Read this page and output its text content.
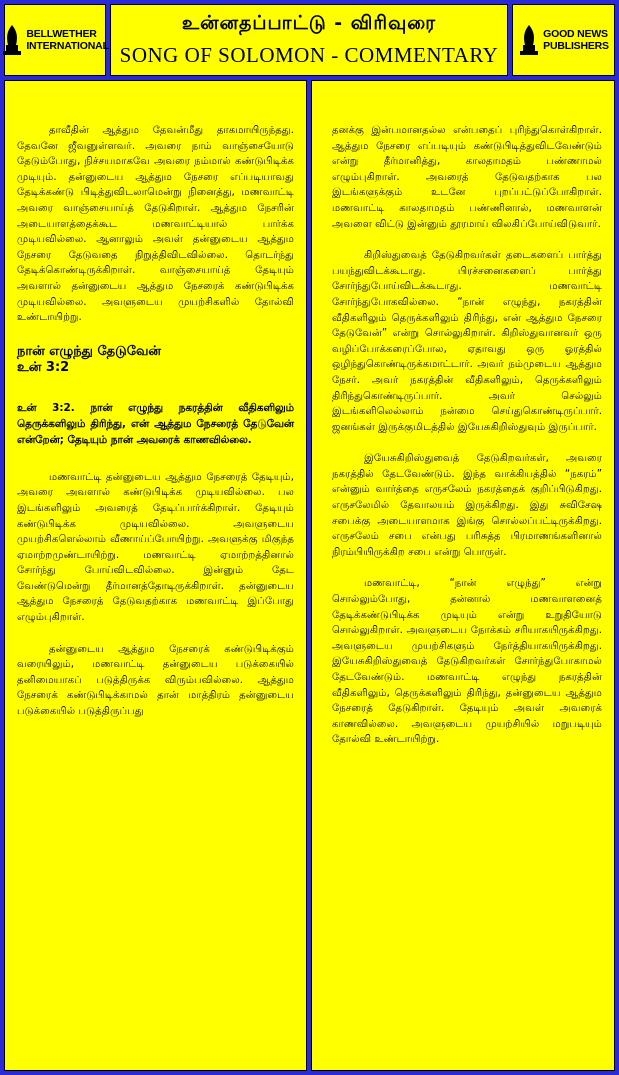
BELLWETHER
INTERNATIONAL
உன்னதப்பாட்டு - விரிவுரை
SONG OF SOLOMON - COMMENTARY
GOOD NEWS
PUBLISHERS

தாவீதின் ஆத்தும தேவன்மீது தாகமாயிருந்தது. தேவனே ஜீவனுள்ளவர். அவரை நாம் வாஞ்சையோடு தேடும்போது, நிச்சயமாகவே அவரை நம்மால் கண்டுபிடிக்க முடியும். தன்னுடைய ஆத்தும நேசரை எப்படியாவது தேடிக்கண்டு பிடித்துவிடலாமென்று நினைத்து, மணவாட்டி அவரை வாஞ்சையாய்த் தேடுகிறாள். ஆத்தும நேசரின் அடையாளத்தைக்கூட மணவாட்டியால் பார்க்க முடியவில்லை. ஆனாலும் அவள் தன்னுடைய ஆத்தும நேசரை தேடுவதை நிறுத்திவிடவில்லை. தொடர்ந்து தேடிக்கொண்டிருக்கிறாள். வாஞ்சையாய்த் தேடியும் அவளால் தன்னுடைய ஆத்தும நேசரைக் கண்டுபிடிக்க முடியவில்லை. அவளுடைய முயற்சிகளில் தோல்வி உண்டாயிற்று.

நான் எழுந்து தேடுவேன்
உன் 3:2

உன் 3:2. நான் எழுந்து நகரத்தின் வீதிகளிலும் தெருக்களிலும் திரிந்து, என் ஆத்தும நேசரைத் தேடுவேன் என்றேன்; தேடியும் நான் அவரைக் காணவில்லை.

மணவாட்டி தன்னுடைய ஆத்தும நேசரைத் தேடியும், அவரை அவளால் கண்டுபிடிக்க முடியவில்லை. பல இடங்களிலும் அவரைத் தேடிப்பார்க்கிறாள். தேடியும் கண்டுபிடிக்க முடியவில்லை. அவளுடைய முயற்சிகளெல்லாம் வீணாய்ப்போயிற்று. அவளுக்கு மிகுந்த ஏமாற்றமுண்டாயிற்று. மணவாட்டி ஏமாற்றத்தினால் சோர்ந்து போய்விடவில்லை. இன்னும் தேட வேண்டுமென்று தீர்மானத்தோடிருக்கிறாள். தன்னுடைய ஆத்தும நேசரைத் தேடுவதற்காக மணவாட்டி இப்போது எழும்புகிறாள்.

தன்னுடைய ஆத்தும நேசரைக் கண்டுபிடிக்கும் வரையிலும், மணவாட்டி தன்னுடைய படுக்கையில் தனிமையாகப் படுத்திருக்க விரும்பவில்லை. ஆத்தும நேசரைக் கண்டுபிடிக்காமல் தான் மாத்திரம் தன்னுடைய படுக்கையில் படுத்திருப்பது

தனக்கு இன்பமானதல்ல என்பதைப் புரிந்துகொள்கிறாள். ஆத்தும நேசரை எப்படியும் கண்டுபிடித்துவிடவேண்டும் என்று தீர்மானித்து, காலதாமதம் பண்ணாமல் எழும்புகிறாள். அவரைத் தேடுவதற்காக பல இடங்களுக்கும் உடனே புறப்பட்டுப்போகிறாள். மணவாட்டி காலதாமதம் பண்ணினால், மணவாளன் அவளை விட்டு இன்னும் தூரமாய் விலகிப்போய்விடுவார்.

கிறிஸ்துவைத் தேடுகிறவர்கள் தடைகளைப் பார்த்து பயந்துவிடக்கூடாது. பிரச்சனைகளைப் பார்த்து சோர்ந்துபோய்விடக்கூடாது. மணவாட்டி சோர்ந்துபோகவில்லை. “நான் எழுந்து, நகரத்தின் வீதிகளிலும் தெருக்களிலும் திரிந்து, என் ஆத்தும நேசரை தேடுவேன்” என்று சொல்லுகிறாள். கிறிஸ்துவானவர் ஒரு வழிப்போக்கரைப்போல, ஏதாவது ஒரு ஓரத்தில் ஒழிந்துகொண்டிருக்கமாட்டார். அவர் நம்முடைய ஆத்தும நேசர். அவர் நகரத்தின் வீதிகளிலும், தெருக்களிலும் திரிந்துகொண்டிருப்பார். அவர் செல்லும் இடங்களிலெல்லாம் நன்மை செய்துகொண்டிருப்பார். ஜனங்கள் இருக்குமிடத்தில் இயேசுகிறிஸ்துவும் இருப்பார்.

இயேசுகிறிஸ்துவைத் தேடுகிறவர்கள், அவரை நகரத்தில் தேடவேண்டும். இந்த வாக்கியத்தில் “நகரம்” என்னும் வார்த்தை எருசலேம் நகரத்தைக் குறிப்பிடுகிறது. எருசலேமில் தேவாலயம் இருக்கிறது. இது சுவிசேஷ சபைக்கு அடையாளமாக இங்கு சொல்லப்பட்டிருக்கிறது. எருசலேம் சபை என்பது பரிசுத்த பிரமாணங்களினால் நிரம்பியிருக்கிற சபை என்று பொருள்.

மணவாட்டி, “நான் எழுந்து” என்று சொல்லும்போது, தன்னால் மணவாளனைத் தேடிக்கண்டுபிடிக்க முடியும் என்று உறுதியோடு சொல்லுகிறாள். அவளுடைய நோக்கம் சரியாகயிருக்கிறது. அவளுடைய முயற்சிகளும் நேர்த்தியாகயிருக்கிறது. இயேசுகிறிஸ்துவைத் தேடுகிறவர்கள் சோர்ந்துபோகாமல் தேடவேண்டும். மணவாட்டி எழுந்து நகரத்தின் வீதிகளிலும், தெருக்களிலும் திரிந்து, தன்னுடைய ஆத்தும நேசரைத் தேடுகிறாள். தேடியும் அவள் அவரைக் காணவில்லை. அவளுடைய முயற்சியில் மறுபடியும் தோல்வி உண்டாயிற்று.
